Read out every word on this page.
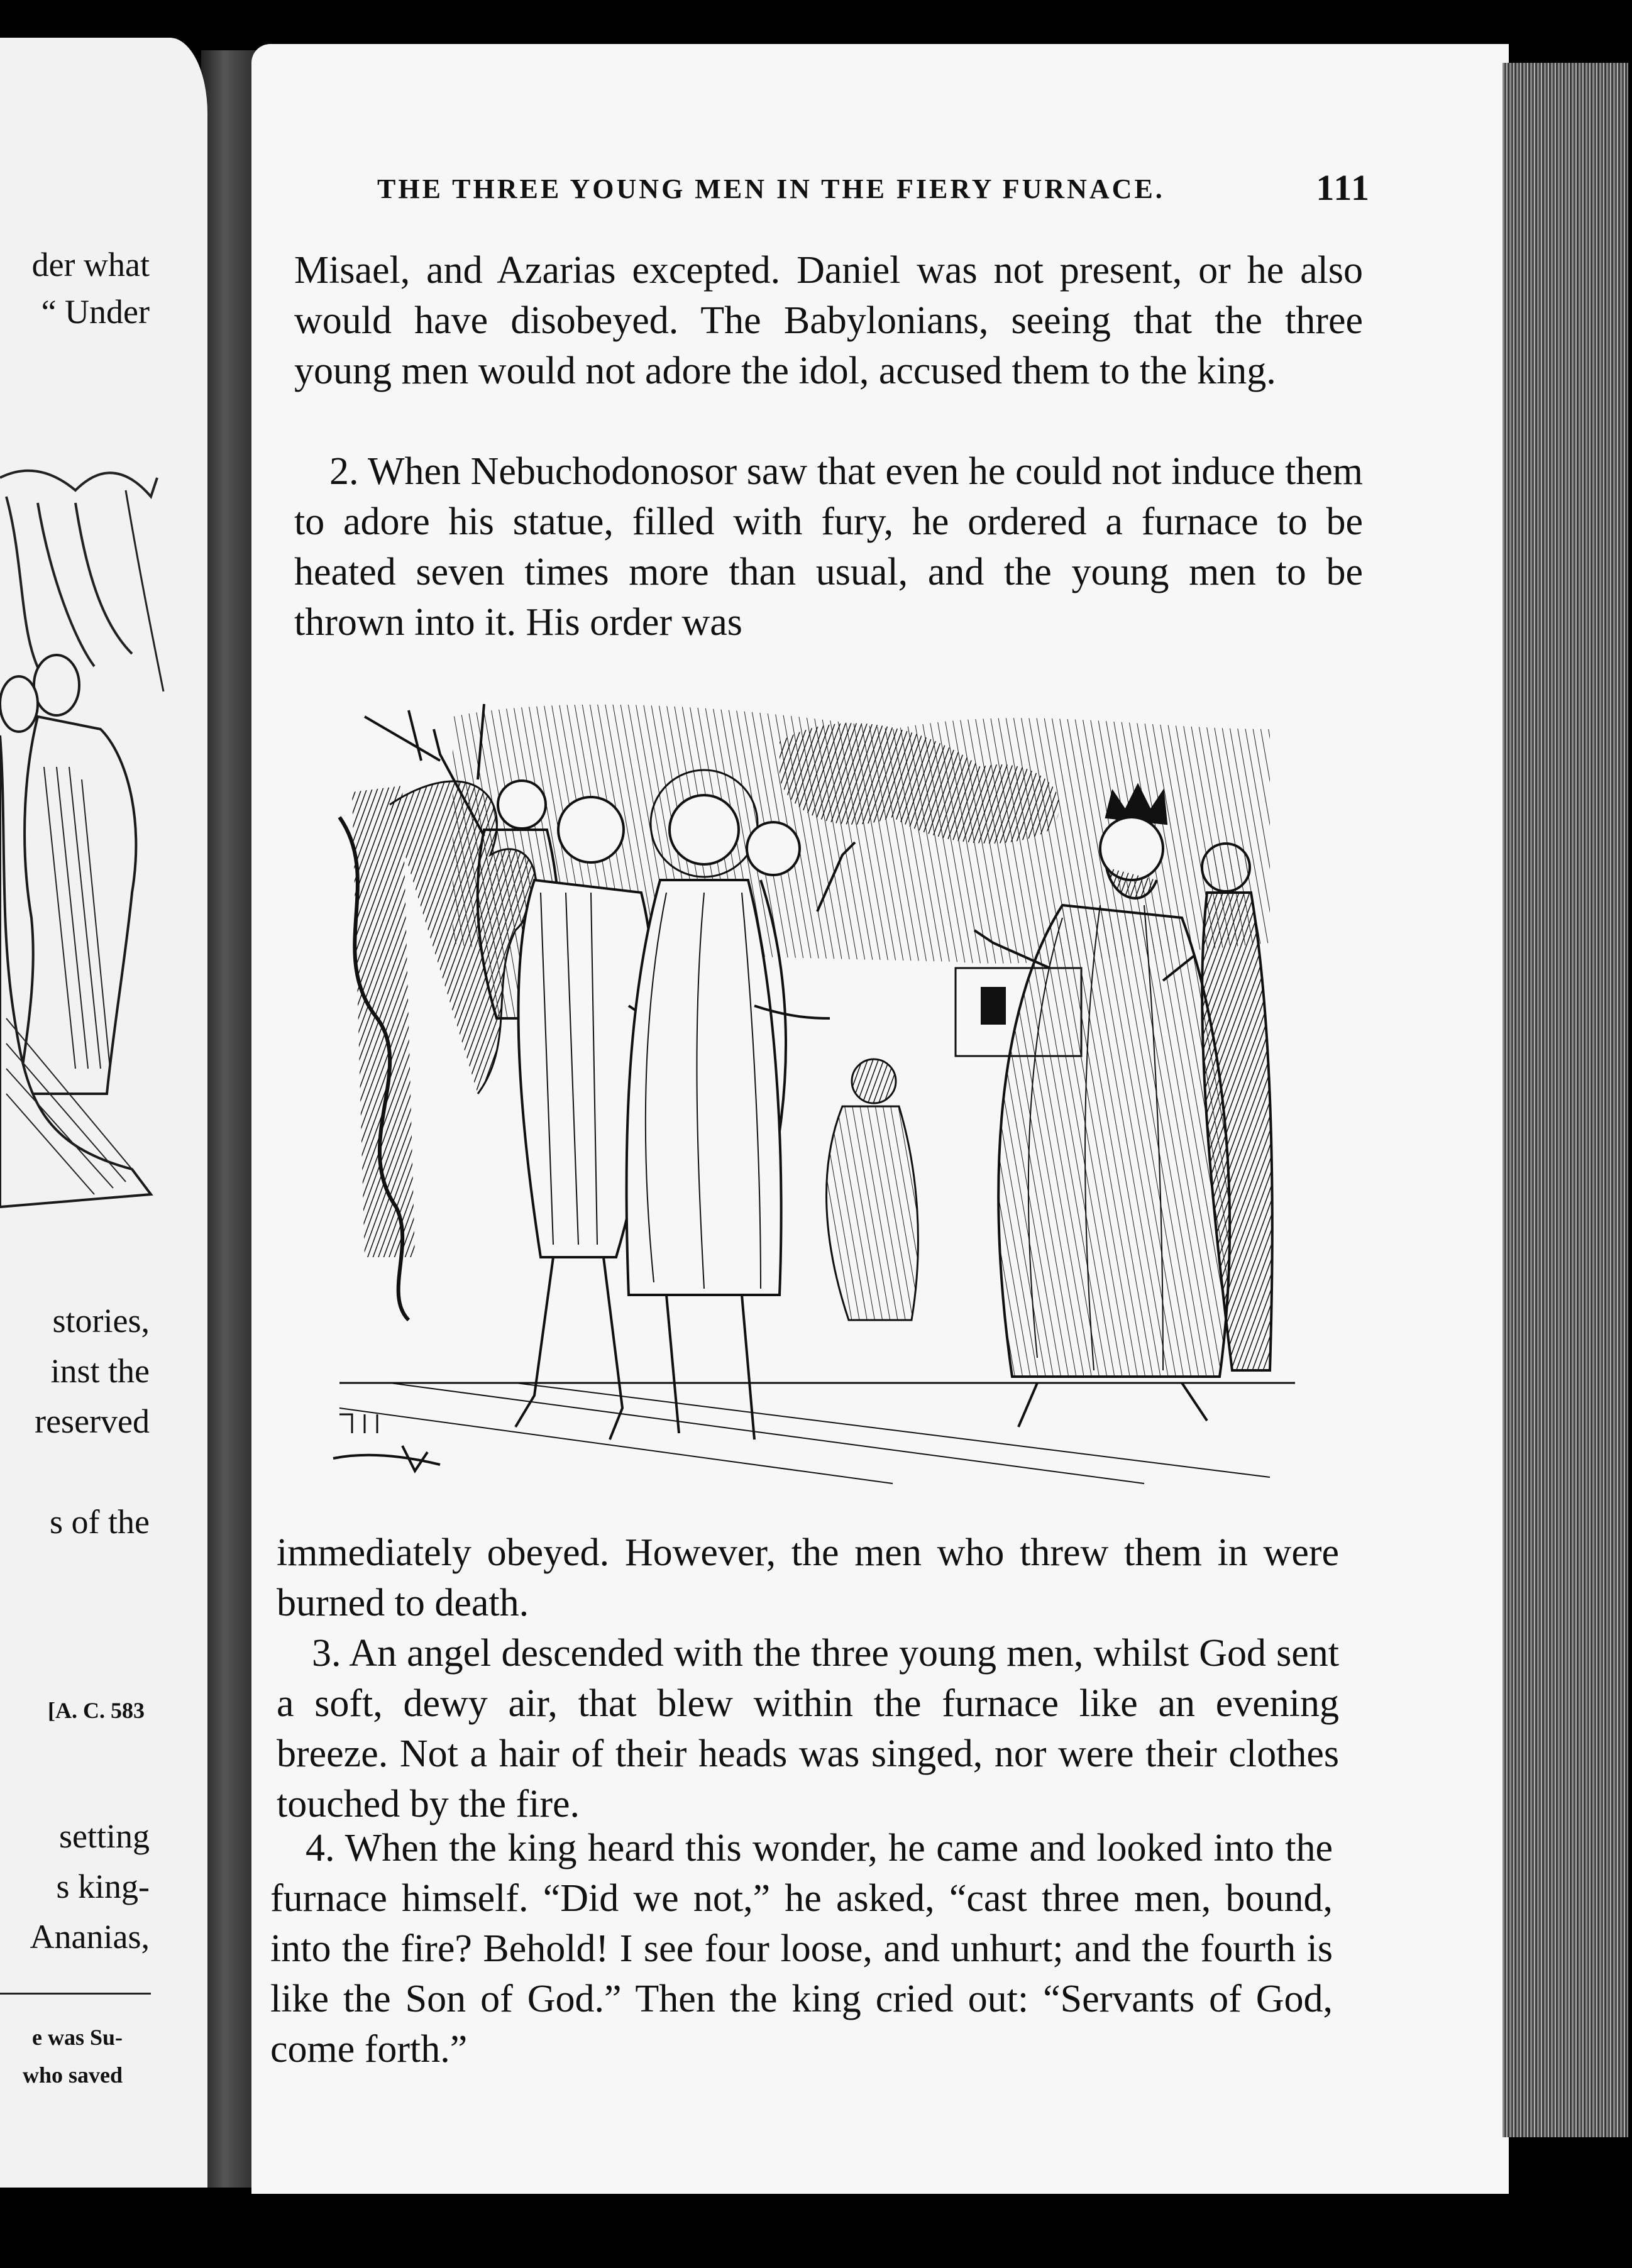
der what
“ Under
stories,
inst the
reserved
s of the
[A. C. 583
setting
s king-
Ananias,
e was Su-
who saved
THE THREE YOUNG MEN IN THE FIERY FURNACE.	111
Misael, and Azarias excepted. Daniel was not present, or he also would have disobeyed. The Babylonians, seeing that the three young men would not adore the idol, accused them to the king.
2. When Nebuchodonosor saw that even he could not induce them to adore his statue, filled with fury, he ordered a furnace to be heated seven times more than usual, and the young men to be thrown into it. His order was
immediately obeyed. However, the men who threw them in were burned to death.
3. An angel descended with the three young men, whilst God sent a soft, dewy air, that blew within the furnace like an evening breeze. Not a hair of their heads was singed, nor were their clothes touched by the fire.
4. When the king heard this wonder, he came and looked into the furnace himself. “Did we not,” he asked, “cast three men, bound, into the fire? Behold! I see four loose, and unhurt; and the fourth is like the Son of God.” Then the king cried out: “Servants of God, come forth.”
